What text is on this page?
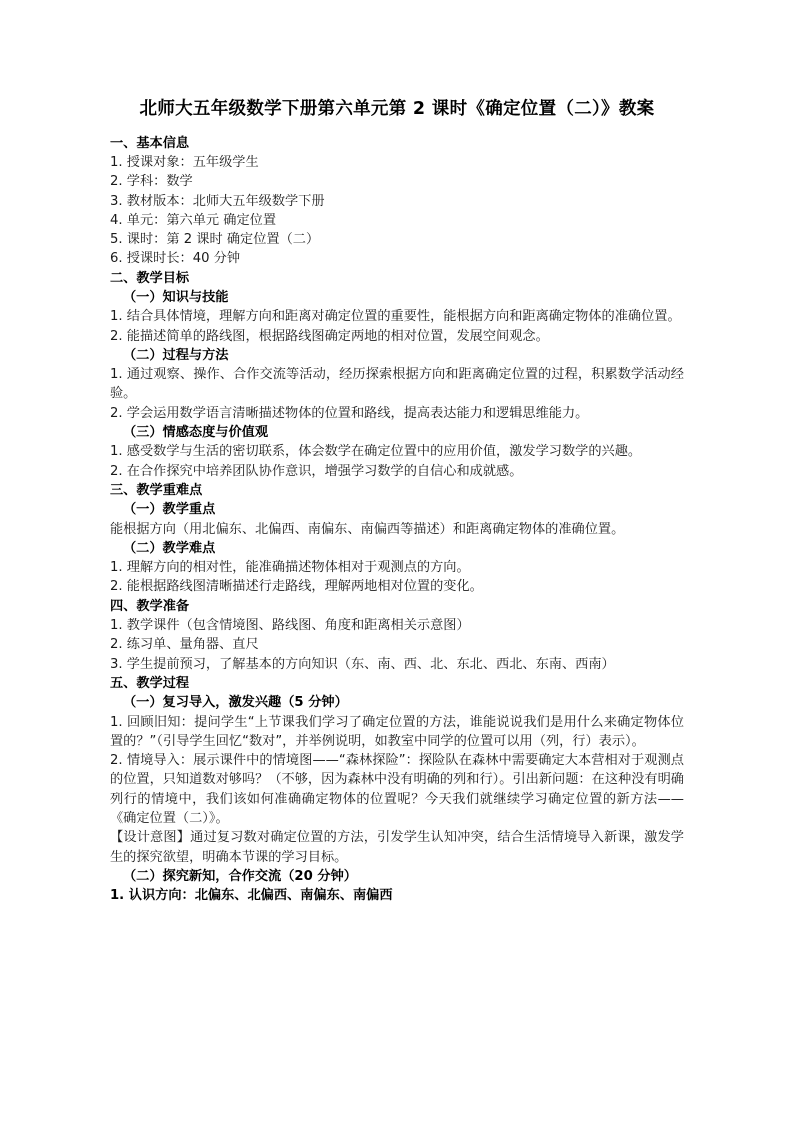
北师大五年级数学下册第六单元第 2 课时《确定位置（二）》教案

一、基本信息

1. 授课对象：五年级学生

2. 学科：数学

3. 教材版本：北师大五年级数学下册

4. 单元：第六单元 确定位置

5. 课时：第 2 课时 确定位置（二）

6. 授课时长：40 分钟

二、教学目标

（一）知识与技能

1. 结合具体情境，理解方向和距离对确定位置的重要性，能根据方向和距离确定物体的准确位置。

2. 能描述简单的路线图，根据路线图确定两地的相对位置，发展空间观念。

（二）过程与方法

1. 通过观察、操作、合作交流等活动，经历探索根据方向和距离确定位置的过程，积累数学活动经验。

2. 学会运用数学语言清晰描述物体的位置和路线，提高表达能力和逻辑思维能力。

（三）情感态度与价值观

1. 感受数学与生活的密切联系，体会数学在确定位置中的应用价值，激发学习数学的兴趣。

2. 在合作探究中培养团队协作意识，增强学习数学的自信心和成就感。

三、教学重难点

（一）教学重点

能根据方向（用北偏东、北偏西、南偏东、南偏西等描述）和距离确定物体的准确位置。

（二）教学难点

1. 理解方向的相对性，能准确描述物体相对于观测点的方向。

2. 能根据路线图清晰描述行走路线，理解两地相对位置的变化。

四、教学准备

1. 教学课件（包含情境图、路线图、角度和距离相关示意图）

2. 练习单、量角器、直尺

3. 学生提前预习，了解基本的方向知识（东、南、西、北、东北、西北、东南、西南）

五、教学过程

（一）复习导入，激发兴趣（5 分钟）

1. 回顾旧知：提问学生“上节课我们学习了确定位置的方法，谁能说说我们是用什么来确定物体位置的？”（引导学生回忆“数对”，并举例说明，如教室中同学的位置可以用（列，行）表示）。

2. 情境导入：展示课件中的情境图——“森林探险”：探险队在森林中需要确定大本营相对于观测点的位置，只知道数对够吗？（不够，因为森林中没有明确的列和行）。引出新问题：在这种没有明确列行的情境中，我们该如何准确确定物体的位置呢？今天我们就继续学习确定位置的新方法——《确定位置（二）》。

【设计意图】通过复习数对确定位置的方法，引发学生认知冲突，结合生活情境导入新课，激发学生的探究欲望，明确本节课的学习目标。

（二）探究新知，合作交流（20 分钟）

1. 认识方向：北偏东、北偏西、南偏东、南偏西
